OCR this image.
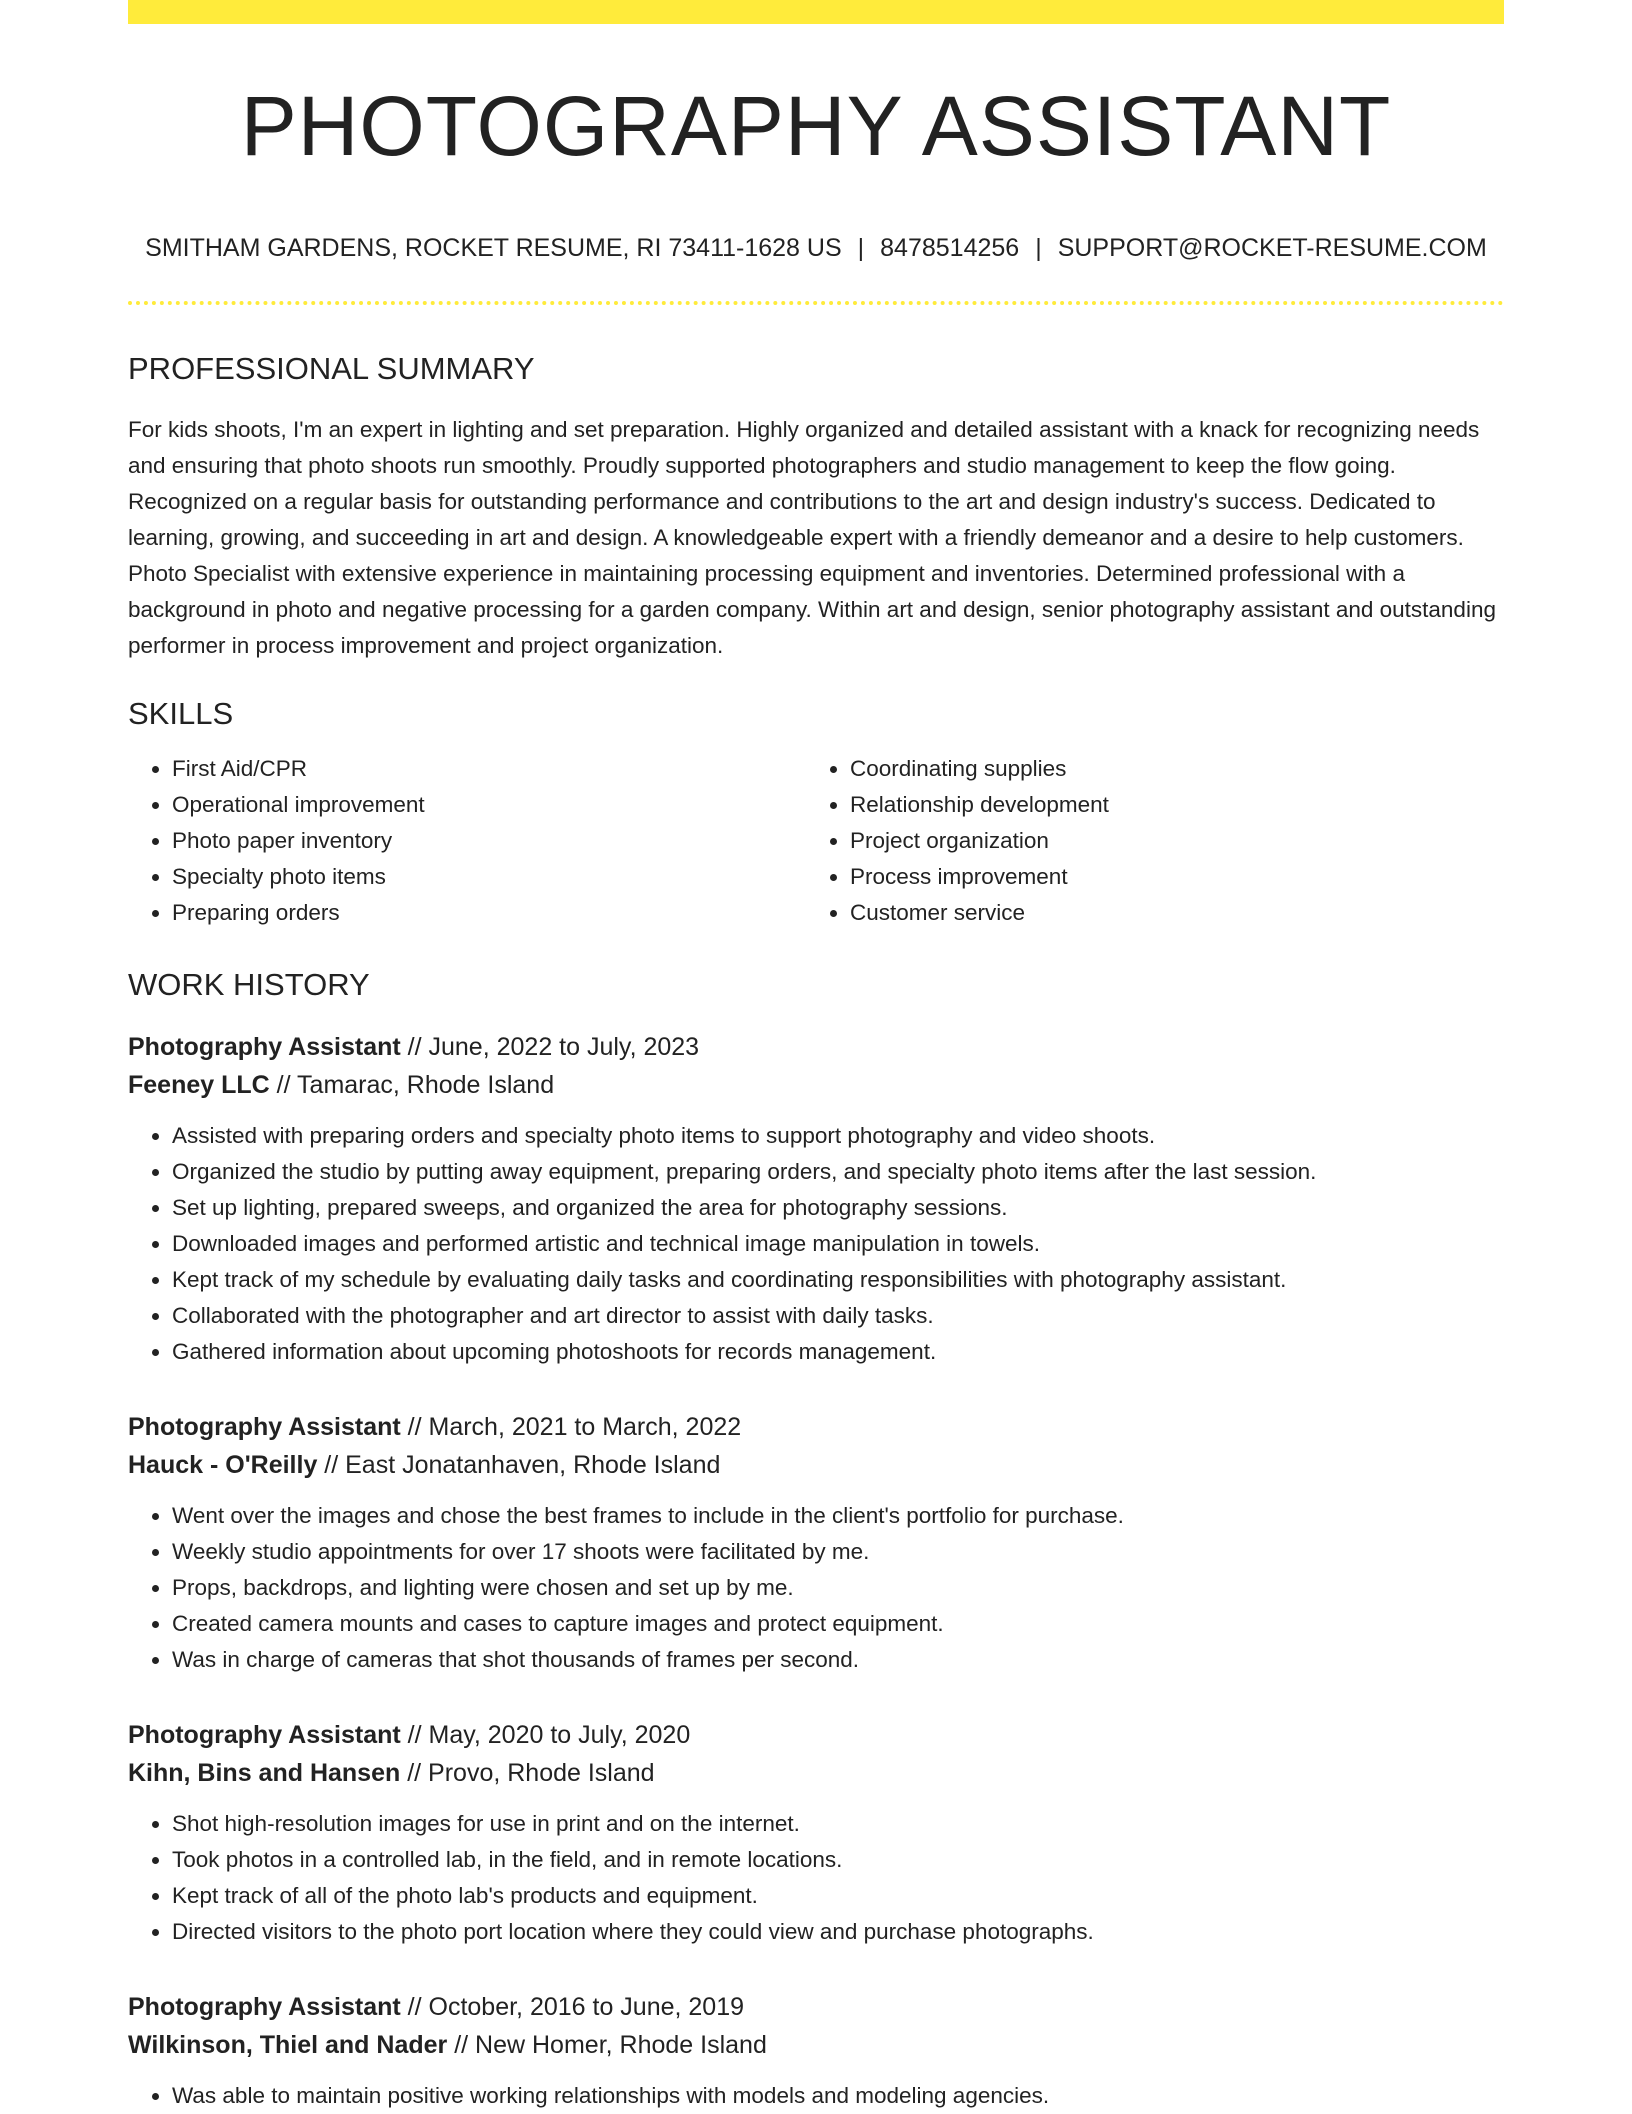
PHOTOGRAPHY ASSISTANT
SMITHAM GARDENS, ROCKET RESUME, RI 73411-1628 US | 8478514256 | SUPPORT@ROCKET-RESUME.COM
PROFESSIONAL SUMMARY
For kids shoots, I'm an expert in lighting and set preparation. Highly organized and detailed assistant with a knack for recognizing needs and ensuring that photo shoots run smoothly. Proudly supported photographers and studio management to keep the flow going. Recognized on a regular basis for outstanding performance and contributions to the art and design industry's success. Dedicated to learning, growing, and succeeding in art and design. A knowledgeable expert with a friendly demeanor and a desire to help customers. Photo Specialist with extensive experience in maintaining processing equipment and inventories. Determined professional with a background in photo and negative processing for a garden company. Within art and design, senior photography assistant and outstanding performer in process improvement and project organization.
SKILLS
• First Aid/CPR
• Operational improvement
• Photo paper inventory
• Specialty photo items
• Preparing orders
• Coordinating supplies
• Relationship development
• Project organization
• Process improvement
• Customer service
WORK HISTORY

Photography Assistant // June, 2022 to July, 2023

Feeney LLC // Tamarac, Rhode Island

• Assisted with preparing orders and specialty photo items to support photography and video shoots.
• Organized the studio by putting away equipment, preparing orders, and specialty photo items after the last session.
• Set up lighting, prepared sweeps, and organized the area for photography sessions.
• Downloaded images and performed artistic and technical image manipulation in towels.
• Kept track of my schedule by evaluating daily tasks and coordinating responsibilities with photography assistant.
• Collaborated with the photographer and art director to assist with daily tasks.
• Gathered information about upcoming photoshoots for records management.

Photography Assistant // March, 2021 to March, 2022

Hauck - O'Reilly // East Jonatanhaven, Rhode Island

• Went over the images and chose the best frames to include in the client's portfolio for purchase.
• Weekly studio appointments for over 17 shoots were facilitated by me.
• Props, backdrops, and lighting were chosen and set up by me.
• Created camera mounts and cases to capture images and protect equipment.
• Was in charge of cameras that shot thousands of frames per second.

Photography Assistant // May, 2020 to July, 2020

Kihn, Bins and Hansen // Provo, Rhode Island

• Shot high-resolution images for use in print and on the internet.
• Took photos in a controlled lab, in the field, and in remote locations.
• Kept track of all of the photo lab's products and equipment.
• Directed visitors to the photo port location where they could view and purchase photographs.

Photography Assistant // October, 2016 to June, 2019

Wilkinson, Thiel and Nader // New Homer, Rhode Island

• Was able to maintain positive working relationships with models and modeling agencies.
